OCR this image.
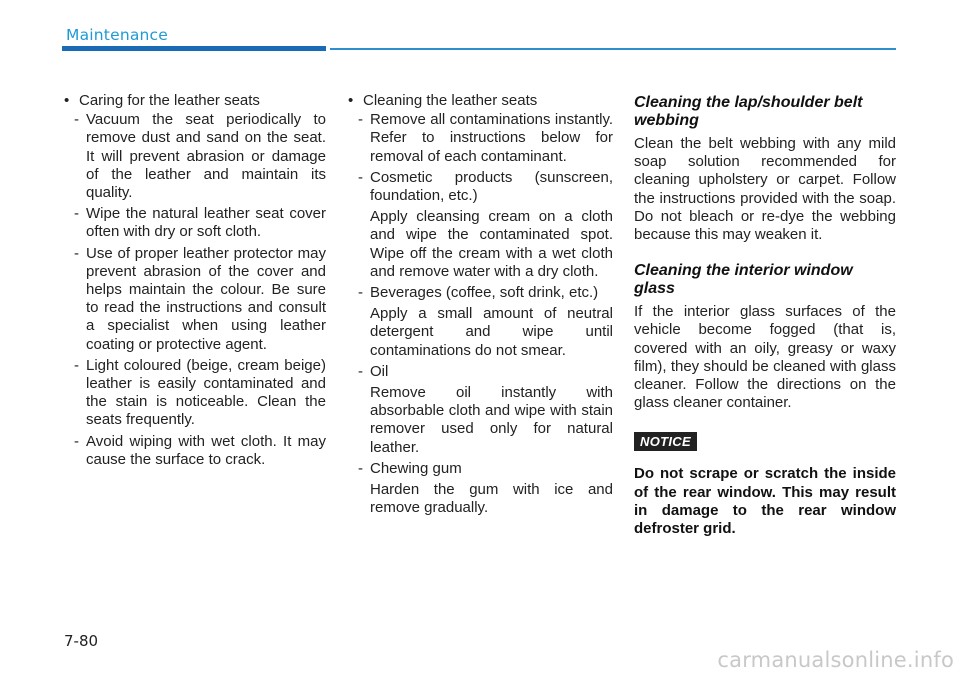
Maintenance
• Caring for the leather seats
- Vacuum the seat periodically to remove dust and sand on the seat. It will prevent abrasion or damage of the leather and maintain its quality.
- Wipe the natural leather seat cover often with dry or soft cloth.
- Use of proper leather protector may prevent abrasion of the cover and helps maintain the colour. Be sure to read the instructions and consult a specialist when using leather coating or protective agent.
- Light coloured (beige, cream beige) leather is easily contaminated and the stain is noticeable. Clean the seats frequently.
- Avoid wiping with wet cloth. It may cause the surface to crack.
• Cleaning the leather seats
- Remove all contaminations instantly. Refer to instructions below for removal of each contaminant.
- Cosmetic products (sunscreen, foundation, etc.)
Apply cleansing cream on a cloth and wipe the contaminated spot. Wipe off the cream with a wet cloth and remove water with a dry cloth.
- Beverages (coffee, soft drink, etc.)
Apply a small amount of neutral detergent and wipe until contaminations do not smear.
- Oil
Remove oil instantly with absorbable cloth and wipe with stain remover used only for natural leather.
- Chewing gum
Harden the gum with ice and remove gradually.
Cleaning the lap/shoulder belt webbing
Clean the belt webbing with any mild soap solution recommended for cleaning upholstery or carpet. Follow the instructions provided with the soap. Do not bleach or re-dye the webbing because this may weaken it.
Cleaning the interior window glass
If the interior glass surfaces of the vehicle become fogged (that is, covered with an oily, greasy or waxy film), they should be cleaned with glass cleaner. Follow the directions on the glass cleaner container.
NOTICE
Do not scrape or scratch the inside of the rear window. This may result in damage to the rear window defroster grid.
7-80
carmanualsonline.info
